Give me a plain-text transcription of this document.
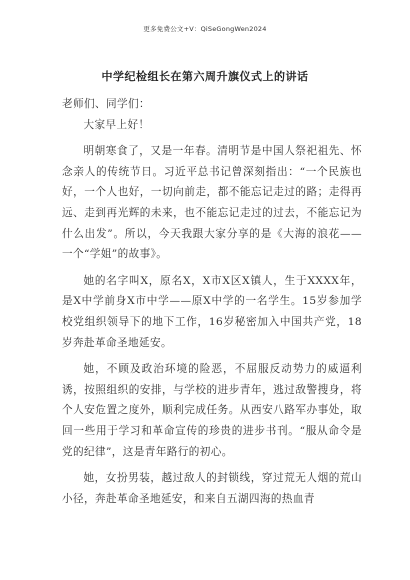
更多免费公文+V：QiSeGongWen2024
中学纪检组长在第六周升旗仪式上的讲话

老师们、同学们：

大家早上好！

明朝寒食了，又是一年春。清明节是中国人祭祀祖先、怀念亲人的传统节日。习近平总书记曾深刻指出：“一个民族也好，一个人也好，一切向前走，都不能忘记走过的路；走得再远、走到再光辉的未来，也不能忘记走过的过去，不能忘记为什么出发”。所以，今天我跟大家分享的是《大海的浪花——一个“学姐”的故事》。

她的名字叫X，原名X，X市X区X镇人，生于XXXX年，是X中学前身X市中学——原X中学的一名学生。15岁参加学校党组织领导下的地下工作，16岁秘密加入中国共产党，18岁奔赴革命圣地延安。

她，不顾及政治环境的险恶，不屈服反动势力的威逼利诱，按照组织的安排，与学校的进步青年，逃过敌警搜身，将个人安危置之度外，顺利完成任务。从西安八路军办事处，取回一些用于学习和革命宣传的珍贵的进步书刊。“服从命令是党的纪律”，这是青年路行的初心。

她，女扮男装，越过敌人的封锁线，穿过荒无人烟的荒山小径，奔赴革命圣地延安，和来自五湖四海的热血青
